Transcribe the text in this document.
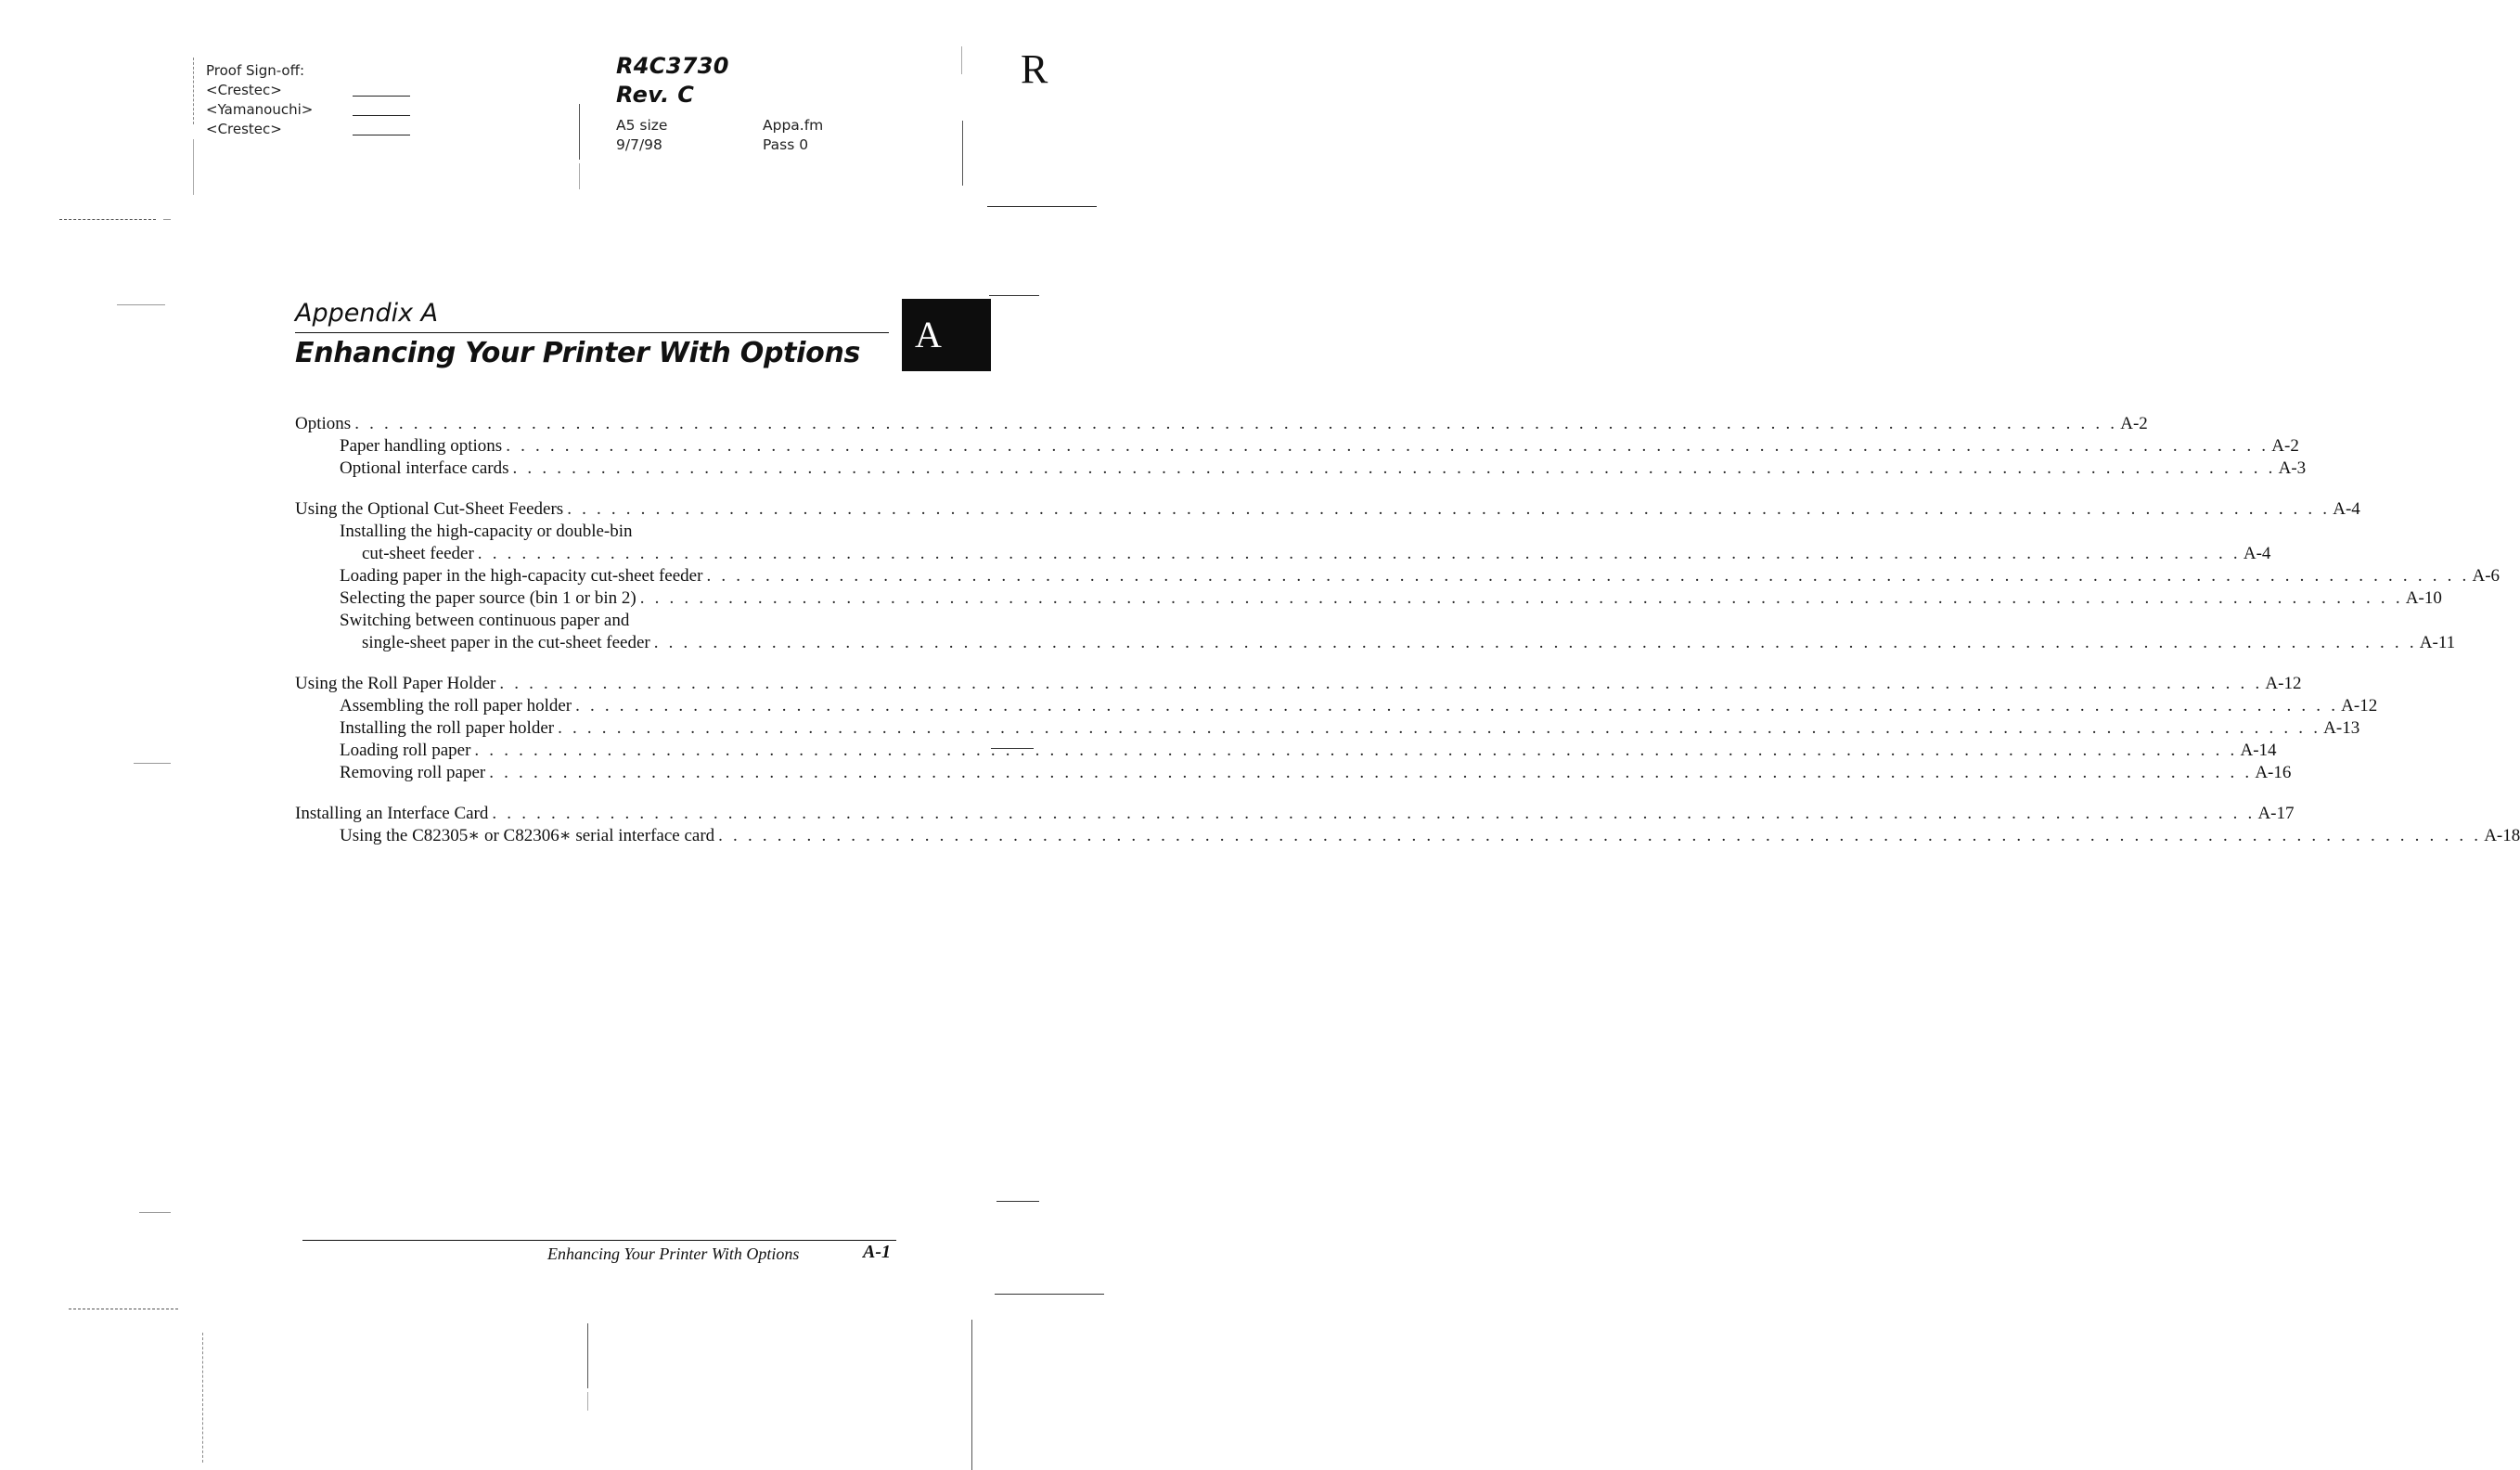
Proof Sign-off:
<Crestec>
<Yamanouchi>
<Crestec>
R4C3730
Rev. C
A5 size
9/7/98
Appa.fm
Pass 0
R
Appendix A
Enhancing Your Printer With Options	A
Options . . . . . . . . . . . . . . . . . . . . . . . . . . . . . . . . . . . . . . . . . . . . . . . . . . . . . . . . . . . . . . . . . . . . . . . . . . . . . . . . . . . . . . . . . . . . . . . . . . . . . . . . . . . . . . . . . . . . . . . . A-2
Paper handling options . . . . . . . . . . . . . . . . . . . . . . . . . . . . . . . . . . . . . . . . . . . . . . . . . . . . . . . . . . . . . . . . . . . . . . . . . . . . . . . . . . . . . . . . . . . . . . . . . . . . . . . . . . . . . . . . . . . . . . . . A-2
Optional interface cards . . . . . . . . . . . . . . . . . . . . . . . . . . . . . . . . . . . . . . . . . . . . . . . . . . . . . . . . . . . . . . . . . . . . . . . . . . . . . . . . . . . . . . . . . . . . . . . . . . . . . . . . . . . . . . . . . . . . . . . . A-3
Using the Optional Cut-Sheet Feeders . . . . . . . . . . . . . . . . . . . . . . . . . . . . . . . . . . . . . . . . . . . . . . . . . . . . . . . . . . . . . . . . . . . . . . . . . . . . . . . . . . . . . . . . . . . . . . . . . . . . . . . . . . . . . . . . . . . . . . . . A-4
Installing the high-capacity or double-bin
cut-sheet feeder . . . . . . . . . . . . . . . . . . . . . . . . . . . . . . . . . . . . . . . . . . . . . . . . . . . . . . . . . . . . . . . . . . . . . . . . . . . . . . . . . . . . . . . . . . . . . . . . . . . . . . . . . . . . . . . . . . . . . . . . A-4
Loading paper in the high-capacity cut-sheet feeder . . . . . . . . . . . . . . . . . . . . . . . . . . . . . . . . . . . . . . . . . . . . . . . . . . . . . . . . . . . . . . . . . . . . . . . . . . . . . . . . . . . . . . . . . . . . . . . . . . . . . . . . . . . . . . . . . . . . . . . . A-6
Selecting the paper source (bin 1 or bin 2) . . . . . . . . . . . . . . . . . . . . . . . . . . . . . . . . . . . . . . . . . . . . . . . . . . . . . . . . . . . . . . . . . . . . . . . . . . . . . . . . . . . . . . . . . . . . . . . . . . . . . . . . . . . . . . . . . . . . . . . . A-10
Switching between continuous paper and
single-sheet paper in the cut-sheet feeder . . . . . . . . . . . . . . . . . . . . . . . . . . . . . . . . . . . . . . . . . . . . . . . . . . . . . . . . . . . . . . . . . . . . . . . . . . . . . . . . . . . . . . . . . . . . . . . . . . . . . . . . . . . . . . . . . . . . . . . . A-11
Using the Roll Paper Holder . . . . . . . . . . . . . . . . . . . . . . . . . . . . . . . . . . . . . . . . . . . . . . . . . . . . . . . . . . . . . . . . . . . . . . . . . . . . . . . . . . . . . . . . . . . . . . . . . . . . . . . . . . . . . . . . . . . . . . . . A-12
Assembling the roll paper holder . . . . . . . . . . . . . . . . . . . . . . . . . . . . . . . . . . . . . . . . . . . . . . . . . . . . . . . . . . . . . . . . . . . . . . . . . . . . . . . . . . . . . . . . . . . . . . . . . . . . . . . . . . . . . . . . . . . . . . . . A-12
Installing the roll paper holder . . . . . . . . . . . . . . . . . . . . . . . . . . . . . . . . . . . . . . . . . . . . . . . . . . . . . . . . . . . . . . . . . . . . . . . . . . . . . . . . . . . . . . . . . . . . . . . . . . . . . . . . . . . . . . . . . . . . . . . . A-13
Loading roll paper . . . . . . . . . . . . . . . . . . . . . . . . . . . . . . . . . . . . . . . . . . . . . . . . . . . . . . . . . . . . . . . . . . . . . . . . . . . . . . . . . . . . . . . . . . . . . . . . . . . . . . . . . . . . . . . . . . . . . . . . A-14
Removing roll paper . . . . . . . . . . . . . . . . . . . . . . . . . . . . . . . . . . . . . . . . . . . . . . . . . . . . . . . . . . . . . . . . . . . . . . . . . . . . . . . . . . . . . . . . . . . . . . . . . . . . . . . . . . . . . . . . . . . . . . . . A-16
Installing an Interface Card . . . . . . . . . . . . . . . . . . . . . . . . . . . . . . . . . . . . . . . . . . . . . . . . . . . . . . . . . . . . . . . . . . . . . . . . . . . . . . . . . . . . . . . . . . . . . . . . . . . . . . . . . . . . . . . . . . . . . . . . A-17
Using the C82305∗ or C82306∗ serial interface card . . . . . . . . . . . . . . . . . . . . . . . . . . . . . . . . . . . . . . . . . . . . . . . . . . . . . . . . . . . . . . . . . . . . . . . . . . . . . . . . . . . . . . . . . . . . . . . . . . . . . . . . . . . . . . . . . . . . . . . . A-18
Enhancing Your Printer With Options	A-1
